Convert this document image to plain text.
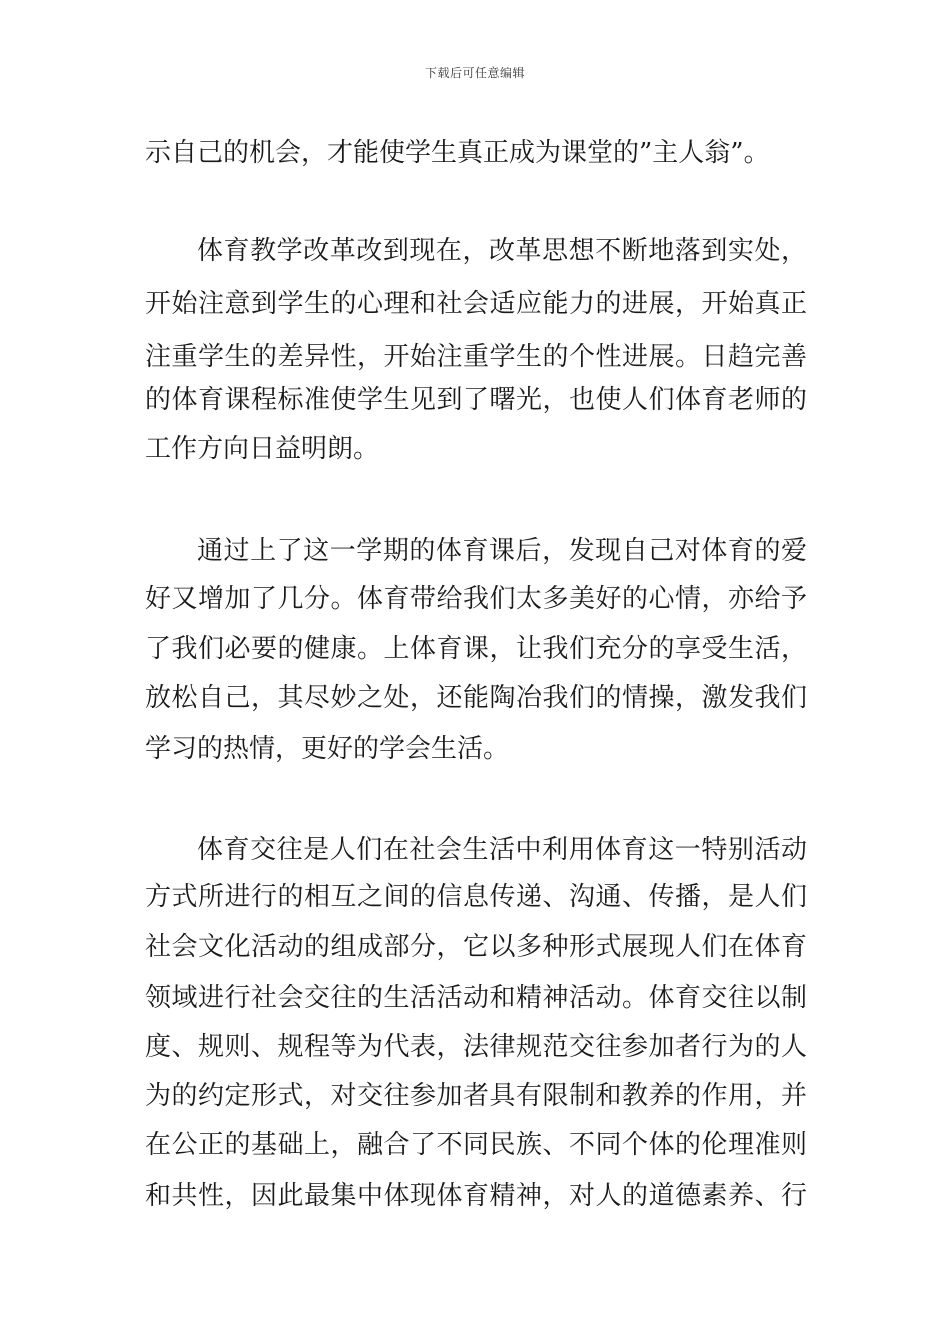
下载后可任意编辑
示自己的机会，才能使学生真正成为课堂的”主人翁”。
体育教学改革改到现在，改革思想不断地落到实处，
开始注意到学生的心理和社会适应能力的进展，开始真正
注重学生的差异性，开始注重学生的个性进展。日趋完善
的体育课程标准使学生见到了曙光，也使人们体育老师的
工作方向日益明朗。
通过上了这一学期的体育课后，发现自己对体育的爱
好又增加了几分。体育带给我们太多美好的心情，亦给予
了我们必要的健康。上体育课，让我们充分的享受生活，
放松自己，其尽妙之处，还能陶冶我们的情操，激发我们
学习的热情，更好的学会生活。
体育交往是人们在社会生活中利用体育这一特别活动
方式所进行的相互之间的信息传递、沟通、传播，是人们
社会文化活动的组成部分，它以多种形式展现人们在体育
领域进行社会交往的生活活动和精神活动。体育交往以制
度、规则、规程等为代表，法律规范交往参加者行为的人
为的约定形式，对交往参加者具有限制和教养的作用，并
在公正的基础上，融合了不同民族、不同个体的伦理准则
和共性，因此最集中体现体育精神，对人的道德素养、行
